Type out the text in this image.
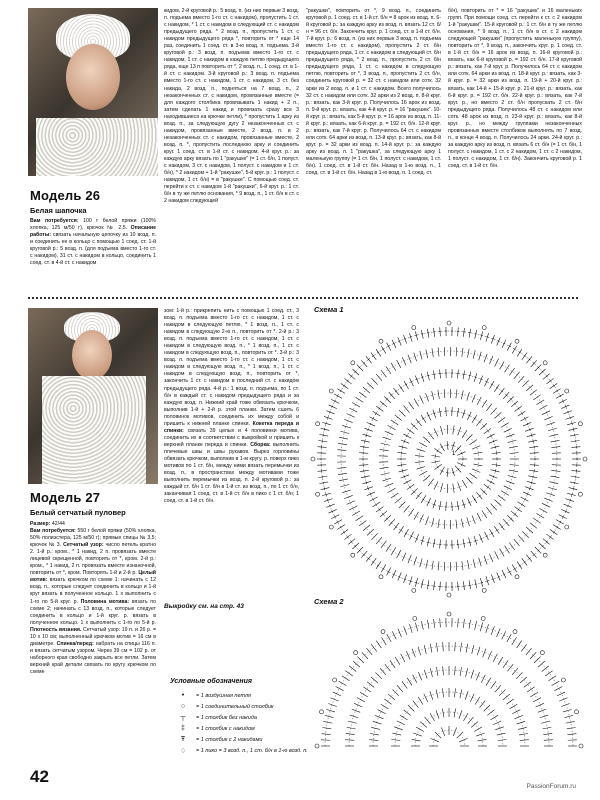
Модель 26
Белая шапочка
Вам потребуется: 100 г белой пряжи (100% хлопка, 125 м/50 г), крючок № 2,5. Описание работы: связать начальную цепочку из 10 возд. п. и соединить ее в кольцо с помощью 1 соед. ст. 1-й круговой р.: 5 возд. п. (для подъема вместо 1-го ст. с накидом), 31 ст. с накидом в кольцо, соединить 1 соед. ст. в 4-й ст. с накидом
кидом, 2-й круговой р.: 5 возд. п. (из них первые 3 возд. п. подъема вместо 1-го ст. с накидом), пропустить 1 ст. с накидом, * 1 ст. с накидом в следующий ст. с накидом предыдущего ряда, * 2 возд. п., пропустить 1 ст. с накидом предыдущего ряда *, повторить от * еще 14 раз, соединить 1 соед. ст. в 3-ю возд. п. подъема. 3-й круговой р.: 3 возд. п. подъема вместо 1-го ст. с накидом, 1 ст. с накидом в каждую петлю предыдущего ряда, еще 13 п повторить от *, 2 возд. п., 1 соед. ст. в 1-й ст. с накидом. 3-й круговой р.: 3 возд. п. подъема вместо 1-го ст. с накидом, 1 ст. с накидом, 3 ст. без накида, 2 возд. п., подняться на 7 возд. п., 2 незаконченных ст. с накидом, провязанные вместе (= для каждого столбика провязывать 1 накид + 2 п., затем сделать 1 накид и провязать сразу все 3 находившиеся на крючке петли), * пропустить 1 арку из возд. п., за следующую дугу 2 незаконченных ст. с накидом, провязанные вместе, 2 возд. п. и 2 незаконченных ст. с накидом, провязанные вместе, 2 возд. п. *, пропустить последнюю арку и соединить круг. 1 соед. ст. в 1-й ст. с накидом. 4-й круг. р.: за каждую арку вязать по 1 "ракушке" (= 1 ст. б/н, 1 полуст. с накидом, 3 ст. с накидом, 1 полуст. с накидом и 1 ст. б/н), * 2 накидом + 1-й "ракушке", 5-й круг. р.: 1 полуст. с накидом, 1 ст. б/н) = в "ракушке". С помощью соед. ст. перейти к ст. с накидом 1-й "ракушки", 6-й круг. р.: 1 ст. б/н в ту же петлю основания, * 9 возд. п., 1 ст. б/н в ст. с 2 накидом следующей
"ракушки", повторить от *, 9 возд. п., соединить круговой р. 1 соед. ст. в 1-й ст. б/н = 8 арок из возд. п. 6-й круговой р.: за каждую арку из возд. п. вязать 12 ст. б/н = 96 ст. б/н. Закончить круг. р. 1 соед. ст. в 1-й ст. б/н. 7-й круг. р.: 6 возд. п. (из них первые 3 возд. п. подъема вместо 1-го ст. с накидом), пропустить 2 ст. б/н предыдущего ряда, 1 ст. с накидом в следующий ст. б/н предыдущего ряда, * 2 возд. п., пропустить 2 ст. б/н предыдущего ряда, 1 ст. с накидом в следующую петлю, повторить от *, 3 возд. п., пропустить 2 ст. б/н, соединить круговой р. = 32 ст. с накидом или сотк. 32 арки из 2 возд. п. и 1 ст. с накидом. Всего получилось 32 ст. с накидом или сотк. 32 арки из 2 возд. п. 8-й круг. р.: вязать, как 3-й круг. р. Получилось 16 арок из возд. п. 9-й круг. р.: вязать, как 4-й круг. р. = 16 "ракушек". 10-й круг. р.: вязать, как 5-й круг. р. = 16 арок из возд. п. 11-й круг. р.: вязать, как 6-й круг. р. = 192 ст. б/н. 12-й круг. р.: вязать, как 7-й круг. р. Получилось 64 ст. с накидом или сотк. 64 арки из возд. п. 13-й круг. р.: вязать, как 8-й круг. р. = 32 арки из возд. п. 14-й круг. р.: за каждую арку из возд. п. 1 "ракушка", за следующую арку 1 маленькую группу (= 1 ст. б/н, 1 полуст. с накидом, 1 ст. б/н). 1 соед. ст. в 1-й ст. б/н. Назад в 1-ю возд. п., 1 соед. ст. в 1-й ст. б/н. Назад в 1-ю возд. п. 1 соед. ст.
б/н), повторить от * = 16 "ракушек" и 16 маленьких групп. При помощи соед. ст. перейти к ст. с 2 накидом 1-й "ракушки". 15-й круговой р.: 1 ст. б/н в ту же петлю основания, * 9 возд. п., 1 ст. б/н в ст. с 2 накидом следующей "ракушки" (пропустить маленькую группу), повторить от *, 9 возд. п., закончить круг. р. 1 соед. ст. в 1-й ст. б/н = 16 арок из возд. п. 16-й круговой р.: вязать, как 6-й круговой р. = 192 ст. б/н. 17-й круговой р.: вязать, как 7-й круг. р. Получилось 64 ст. с накидом или сотк. 64 арки из возд. п. 18-й круг. р.: вязать, как 3-й круг. р. = 32 арки из возд. п. 19-й + 20-й круг. р.: вязать, как 14-й + 15-й круг. р. 21-й круг. р.: вязать, как 6-й круг. р. = 192 ст. б/н. 22-й круг. р.: вязать, как 7-й круг. р., но вместо 2 ст. б/н пропускать 2 ст. б/н предыдущего ряда. Получилось 48 ст. с накидом или сотк. 48 арок из возд. п. 23-й круг. р.: вязать, как 8-й круг. р., но между группами незаконченных провязанных вместе столбиков выполнять по 7 возд. п., в конце 4 возд. п. Получилось 24 арки. 24-й круг. р.: за каждую арку из возд. п. вязать 6 ст. б/н (= 1 ст. б/н, 1 полуст. с накидом, 1 ст. с 2 накидом, 1 ст. с 2 накидом, 1 полуст. с накидом, 1 ст. б/н). Закончить круговой р. 1 соед. ст. в 1-й ст. б/н.
Модель 27
Белый сетчатый пуловер
Размер: 42/44
Вам потребуется: 550 г белой пряжи (50% хлопка, 50% полиэстера, 125 м/50 г); прямые спицы № 3,5; крючок № 3. Сетчатый узор: число петель кратно 2. 1-й р.: кром., * 1 накид, 2 п. провязать вместе лицевой скрещенной, повторить от *, кром. 2-й р.: кром., * 1 накид, 2 п. провязать вместе изнаночной, повторить от *, кром. Повторять 1-й и 2-й р. Целый мотив: вязать крючком по схеме 1: начинать с 12 возд. п., которые следует соединить в кольцо и 1-й круг вязать в полученное кольцо. 1 х выполнить с 1-го по 5-й круг. р. Половина мотива: вязать по схеме 2; начинать с 13 возд. п., которые следует соединить в кольцо и 1-й круг. р. вязать в полученное кольцо. 1 х выполнить с 1-го по 5-й р. Плотность вязания. Сетчатый узор: 19 п. и 26 р. = 10 х 10 см; выполненный крючком мотив = 16 см в диаметре. Спинка/перед: набрать на спицы 116 п. и вязать сетчатым узором. Через 39 см = 102 р. от наборного края свободно закрыть все петли. Затем верхний край детали связать по кругу крючком по схеме
зом: 1-й р.: прикрепить нить с помощью 1 соед. ст., 3 возд. п. подъема вместо 1-го ст. с накидом, 1 ст. с накидом в следующую петлю, * 1 возд. п., 1 ст. с накидом в следующую 2-ю п., повторить от *. 2-й р.: 3 возд. п. подъема вместо 1-го ст. с накидом, 1 ст. с накидом в следующую возд. п., * 1 возд. п., 1 ст. с накидом в следующую возд. п., повторить от *. 3-й р.: 3 возд. п. подъема вместо 1-го ст. с накидом, 1 ст. с накидом в следующую возд. п., * 1 возд. п., 1 ст. с накидом в следующую возд. п., повторить от *, закончить 1 ст. с накидом в последний ст. с накидом предыдущего ряда. 4-й р.: 1 возд. п. подъема, по 1 ст. б/н в каждый ст. с накидом предыдущего ряда и за каждую возд. п. Нижний край тоже обвязать крючком, выполнив 1-й + 2-й р. этой планки. Затем сшить 6 половинок мотивов, соединить их между собой и пришить к нижней планке спинки. Кокетка переда и спинки: связать 39 целых и 4 половинки мотива, соединить их в соответствии с выкройкой и пришить к верхней планке переда и спинки. Сборка: выполнить плечевые швы и швы рукавов. Вырез горловины обвязать крючком, выполнив в 1-м кругу. р. поверх пико мотивов по 1 ст. б/н, между ними вязать перемычки из возд. п., в пространствах между мотивами тоже выполнить перемычки из возд. п. 2-й круговой р.: за каждый ст. б/н 1 ст. б/н в 1-й ст. из возд. п., по 1 ст. б/н, заканчивая 1 соед. ст. в 1-й ст. б/н в пико с 1 ст. б/н; 1 соед. ст. в 1-й ст. б/н.
Выкройку см. на стр. 43
Схема 1
1
Схема 2
Условные обозначения
•	= 1 воздушная петля
○	= 1 соединительный столбик
┬	= 1 столбик без накида
‡	= 1 столбик с накидом
Ŧ	= 1 столбик с 2 накидами
♢	= 1 пико = 3 возд. п., 1 ст. б/н в 1-ю возд. п.
42
PassionForum.ru
